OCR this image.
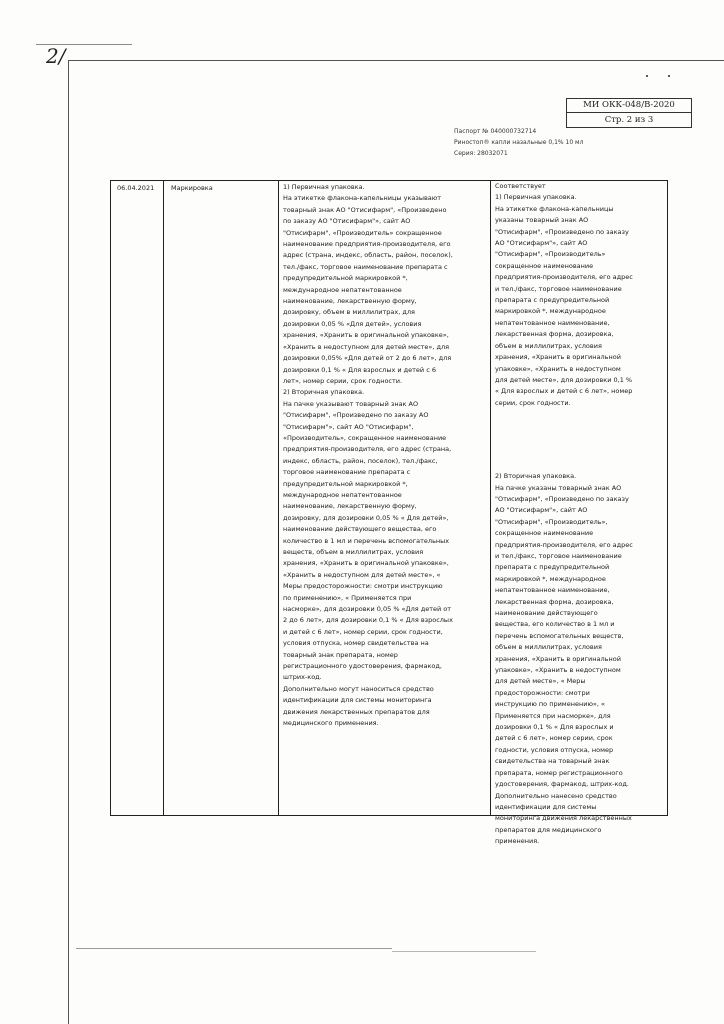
2/
МИ ОКК-048/В-2020
Стр. 2 из 3
Паспорт № 040000732714
Риностоп® капли назальные 0,1% 10 мл
Серия: 28032071
06.04.2021	Маркировка	1) Первичная упаковка.
На этикетке флакона-капельницы указывают
товарный знак АО "Отисифарм", «Произведено
по заказу АО "Отисифарм"», сайт АО
"Отисифарм", «Производитель» сокращенное
наименование предприятия-производителя, его
адрес (страна, индекс, область, район, поселок),
тел./факс, торговое наименование препарата с
предупредительной маркировкой *,
международное непатентованное
наименование, лекарственную форму,
дозировку, объем в миллилитрах, для
дозировки 0,05 % «Для детей», условия
хранения, «Хранить в оригинальной упаковке»,
«Хранить в недоступном для детей месте», для
дозировки 0,05% «Для детей от 2 до 6 лет», для
дозировки 0,1 % « Для взрослых и детей с 6
лет», номер серии, срок годности.
2) Вторичная упаковка.
На пачке указывают товарный знак АО
"Отисифарм", «Произведено по заказу АО
"Отисифарм"», сайт АО "Отисифарм",
«Производитель», сокращенное наименование
предприятия-производителя, его адрес (страна,
индекс, область, район, поселок), тел./факс,
торговое наименование препарата с
предупредительной маркировкой *,
международное непатентованное
наименование, лекарственную форму,
дозировку, для дозировки 0,05 % « Для детей»,
наименование действующего вещества, его
количество в 1 мл и перечень вспомогательных
веществ, объем в миллилитрах, условия
хранения, «Хранить в оригинальной упаковке»,
«Хранить в недоступном для детей месте», «
Меры предосторожности: смотри инструкцию
по применению», « Применяется при
насморке», для дозировки 0,05 % «Для детей от
2 до 6 лет», для дозировки 0,1 % « Для взрослых
и детей с 6 лет», номер серии, срок годности,
условия отпуска, номер свидетельства на
товарный знак препарата, номер
регистрационного удостоверения, фармакод,
штрих-код.
Дополнительно могут наноситься средство
идентификации для системы мониторинга
движения лекарственных препаратов для
медицинского применения.
Соответствует
1) Первичная упаковка.
На этикетке флакона-капельницы
указаны товарный знак АО
"Отисифарм", «Произведено по заказу
АО "Отисифарм"», сайт АО
"Отисифарм", «Производитель»
сокращенное наименование
предприятия-производителя, его адрес
и тел./факс, торговое наименование
препарата с предупредительной
маркировкой *, международное
непатентованное наименование,
лекарственная форма, дозировка,
объем в миллилитрах, условия
хранения, «Хранить в оригинальной
упаковке», «Хранить в недоступном
для детей месте», для дозировки 0,1 %
« Для взрослых и детей с 6 лет», номер
серии, срок годности.
2) Вторичная упаковка.
На пачке указаны товарный знак АО
"Отисифарм", «Произведено по заказу
АО "Отисифарм"», сайт АО
"Отисифарм", «Производитель»,
сокращенное наименование
предприятия-производителя, его адрес
и тел./факс, торговое наименование
препарата с предупредительной
маркировкой *, международное
непатентованное наименование,
лекарственная форма, дозировка,
наименование действующего
вещества, его количество в 1 мл и
перечень вспомогательных веществ,
объем в миллилитрах, условия
хранения, «Хранить в оригинальной
упаковке», «Хранить в недоступном
для детей месте», « Меры
предосторожности: смотри
инструкцию по применению», «
Применяется при насморке», для
дозировки 0,1 % « Для взрослых и
детей с 6 лет», номер серии, срок
годности, условия отпуска, номер
свидетельства на товарный знак
препарата, номер регистрационного
удостоверения, фармакод, штрих-код.
Дополнительно нанесено средство
идентификации для системы
мониторинга движения лекарственных
препаратов для медицинского
применения.
